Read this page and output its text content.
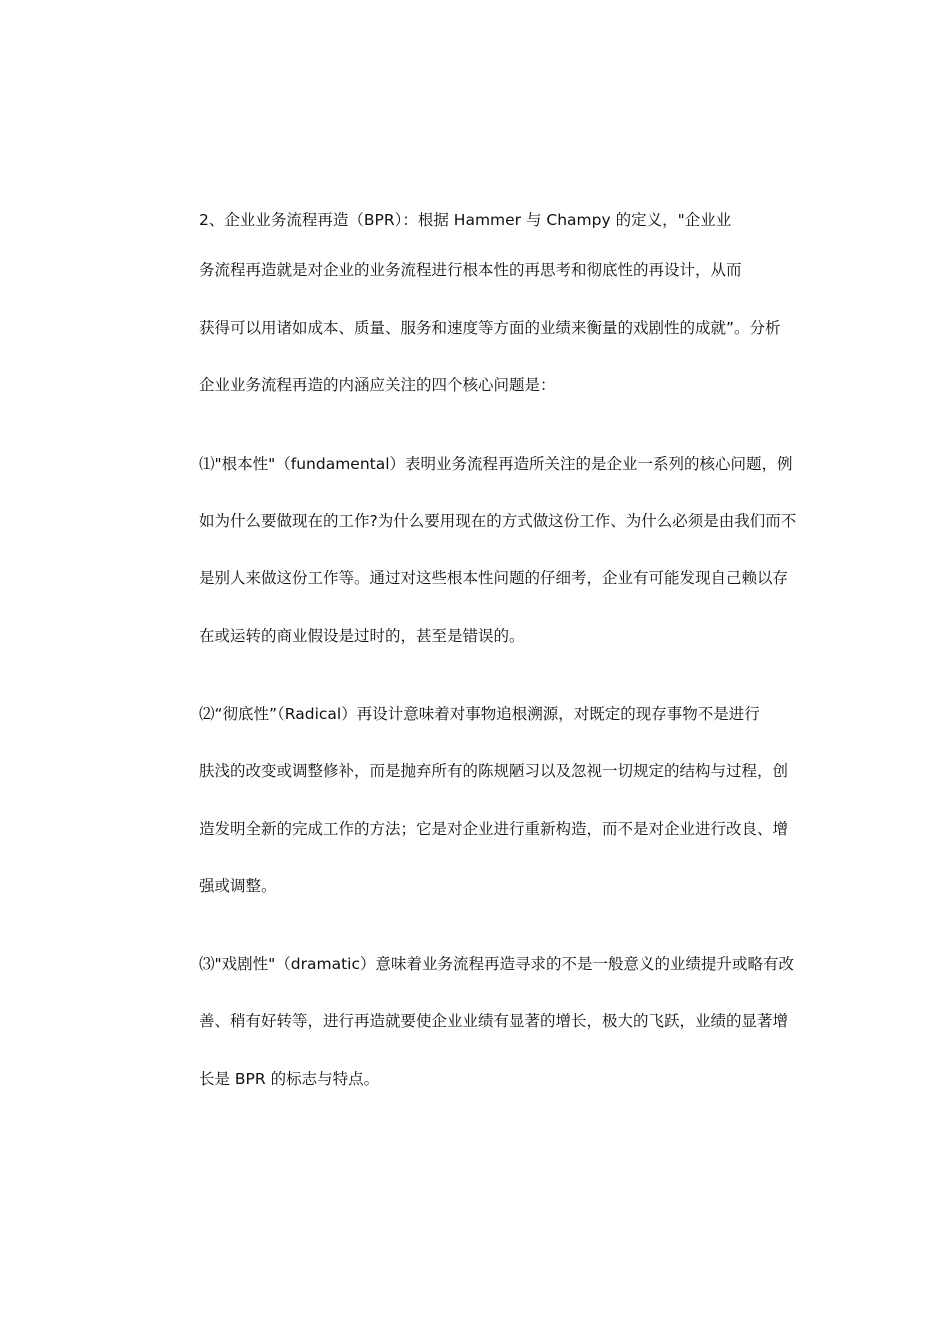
2、企业业务流程再造（BPR）：根据 Hammer 与 Champy 的定义，"企业业
务流程再造就是对企业的业务流程进行根本性的再思考和彻底性的再设计，从而
获得可以用诸如成本、质量、服务和速度等方面的业绩来衡量的戏剧性的成就”。分析
企业业务流程再造的内涵应关注的四个核心问题是：
⑴"根本性"（fundamental）表明业务流程再造所关注的是企业一系列的核心问题，例
如为什么要做现在的工作?为什么要用现在的方式做这份工作、为什么必须是由我们而不
是别人来做这份工作等。通过对这些根本性问题的仔细考，企业有可能发现自己赖以存
在或运转的商业假设是过时的，甚至是错误的。
⑵“彻底性”（Radical）再设计意味着对事物追根溯源，对既定的现存事物不是进行
肤浅的改变或调整修补，而是抛弃所有的陈规陋习以及忽视一切规定的结构与过程，创
造发明全新的完成工作的方法；它是对企业进行重新构造，而不是对企业进行改良、增
强或调整。
⑶"戏剧性"（dramatic）意味着业务流程再造寻求的不是一般意义的业绩提升或略有改
善、稍有好转等，进行再造就要使企业业绩有显著的增长，极大的飞跃，业绩的显著增
长是 BPR 的标志与特点。
